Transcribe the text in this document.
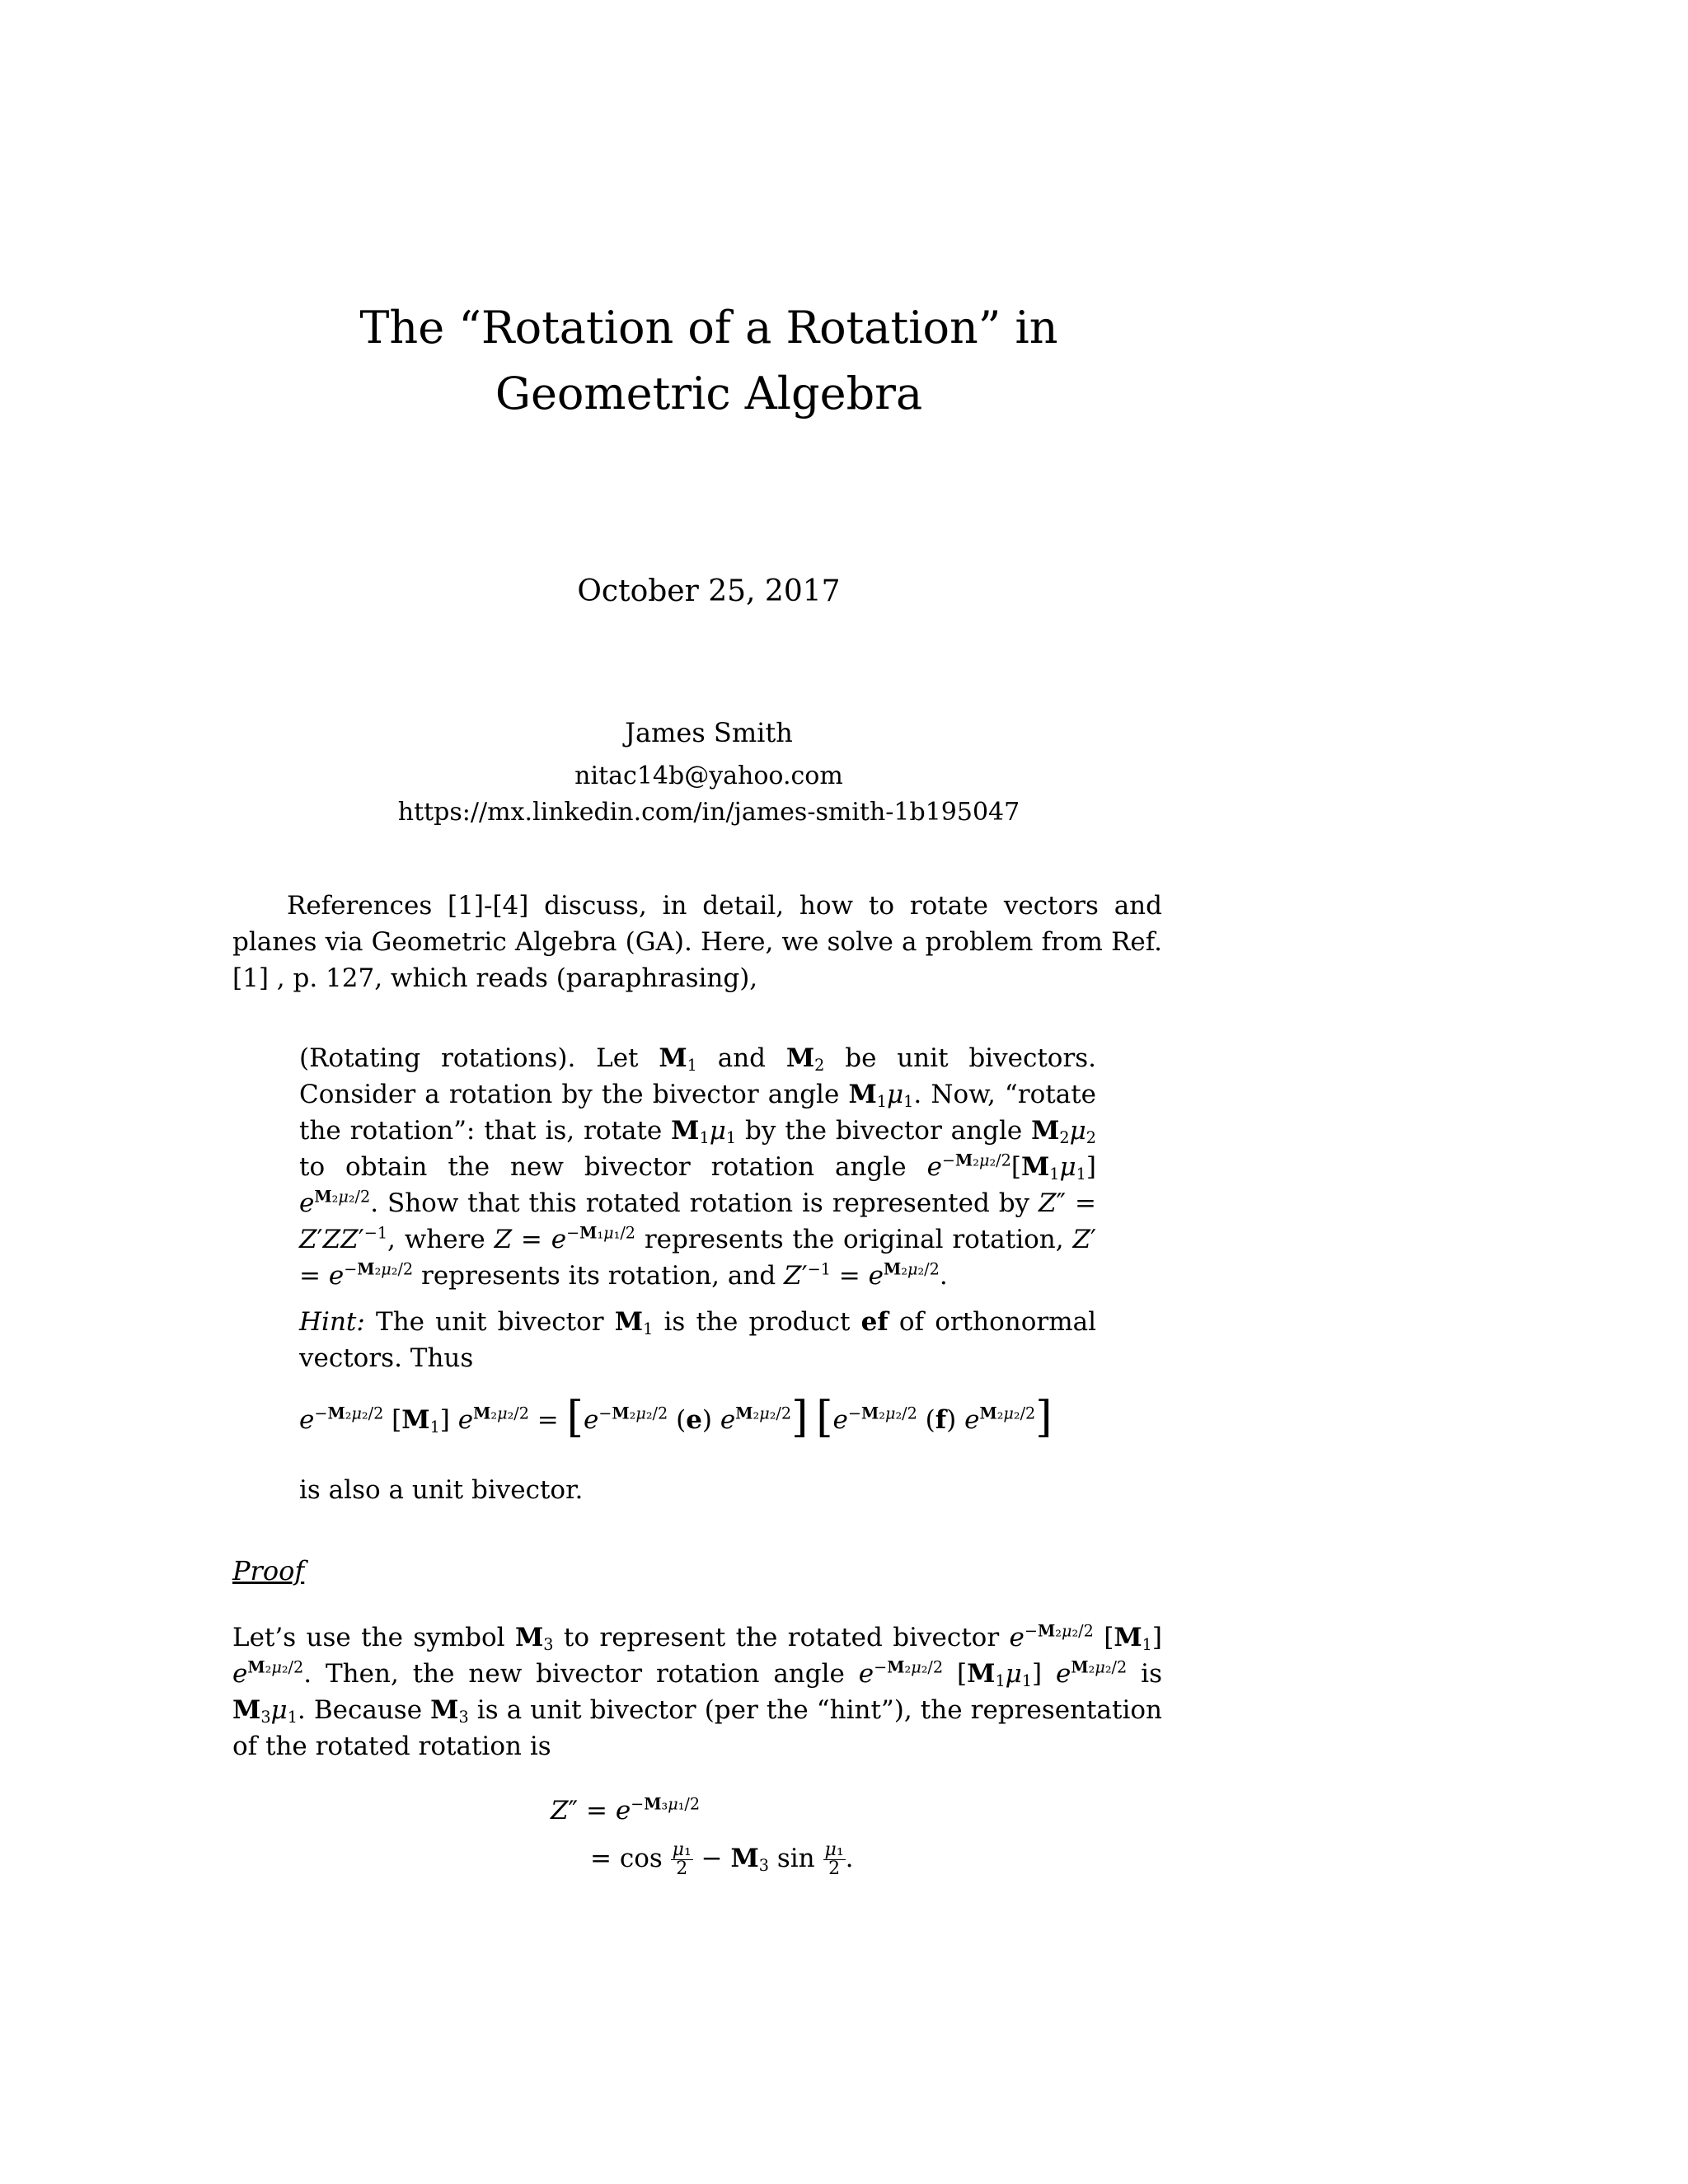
The “Rotation of a Rotation” in Geometric Algebra
October 25, 2017
James Smith
nitac14b@yahoo.com
https://mx.linkedin.com/in/james-smith-1b195047
References [1]-[4] discuss, in detail, how to rotate vectors and planes via Geometric Algebra (GA). Here, we solve a problem from Ref. [1] , p. 127, which reads (paraphrasing),
(Rotating rotations). Let $M_1$ and $M_2$ be unit bivectors. Consider a rotation by the bivector angle $M_1\mu_1$. Now, “rotate the rotation”: that is, rotate $M_1\mu_1$ by the bivector angle $M_2\mu_2$ to obtain the new bivector rotation angle $e^{-M_2\mu_2/2}[M_1\mu_1]$ $e^{M_2\mu_2/2}$. Show that this rotated rotation is represented by $Z'' = Z'ZZ'^{-1}$, where $Z = e^{-M_1\mu_1/2}$ represents the original rotation, $Z' = e^{-M_2\mu_2/2}$ represents its rotation, and $Z'^{-1} = e^{M_2\mu_2/2}$.
Hint: The unit bivector $M_1$ is the product ef of orthonormal vectors. Thus
$e^{-M_2\mu_2/2}$ $[M_1] e^{M_2\mu_2/2} = [e^{-M_2\mu_2/2}$ (e) $e^{M_2\mu_2/2}$] [$e^{-M_2\mu_2/2}$ (f) $e^{M_2\mu_2/2}$]
is also a unit bivector.
Proof
Let’s use the symbol $M_3$ to represent the rotated bivector $e^{-M_2\mu_2/2}$ $[M_1]$ $e^{M_2\mu_2/2}$. Then, the new bivector rotation angle $e^{-M_2\mu_2/2}$ $[M_1\mu_1]$ $e^{M_2\mu_2/2}$ is $M_3\mu_1$. Because $M_3$ is a unit bivector (per the “hint”), the representation of the rotated rotation is
$Z'' = e^{-M_3\mu_1/2}$
= $\cos \frac{\text{μ₁}}{2} - M_3$ $\sin \frac{\text{μ₁}}{2}$ .
